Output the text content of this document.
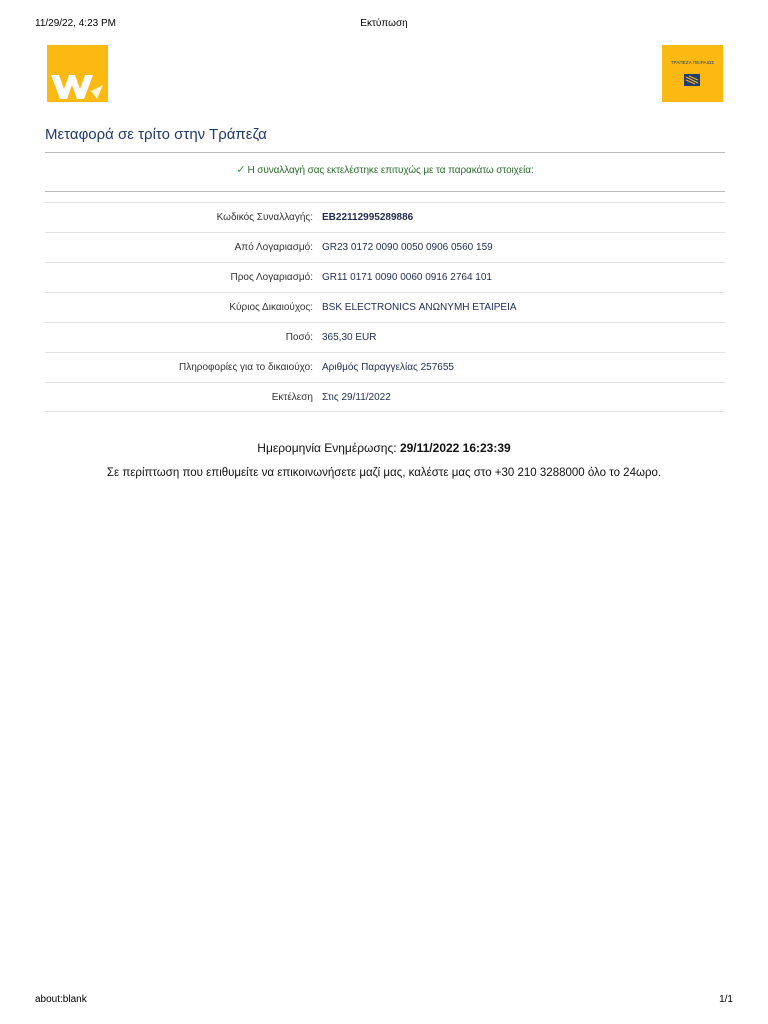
11/29/22, 4:23 PM	Εκτύπωση
ΤΡΑΠΕΖΑ ΠΕΙΡΑΙΩΣ
Μεταφορά σε τρίτο στην Τράπεζα
✓ Η συναλλαγή σας εκτελέστηκε επιτυχώς με τα παρακάτω στοιχεία:
Κωδικός Συναλλαγής: EB22112995289886
Από Λογαριασμό: GR23 0172 0090 0050 0906 0560 159
Προς Λογαριασμό: GR11 0171 0090 0060 0916 2764 101
Κύριος Δικαιούχος: BSK ELECTRONICS ΑΝΩΝΥΜΗ ΕΤΑΙΡΕΙΑ
Ποσό: 365,30 EUR
Πληροφορίες για το δικαιούχο: Αριθμός Παραγγελίας 257655
Εκτέλεση Στις 29/11/2022
Ημερομηνία Ενημέρωσης: 29/11/2022 16:23:39
Σε περίπτωση που επιθυμείτε να επικοινωνήσετε μαζί μας, καλέστε μας στο +30 210 3288000 όλο το 24ωρο.
about:blank	1/1
